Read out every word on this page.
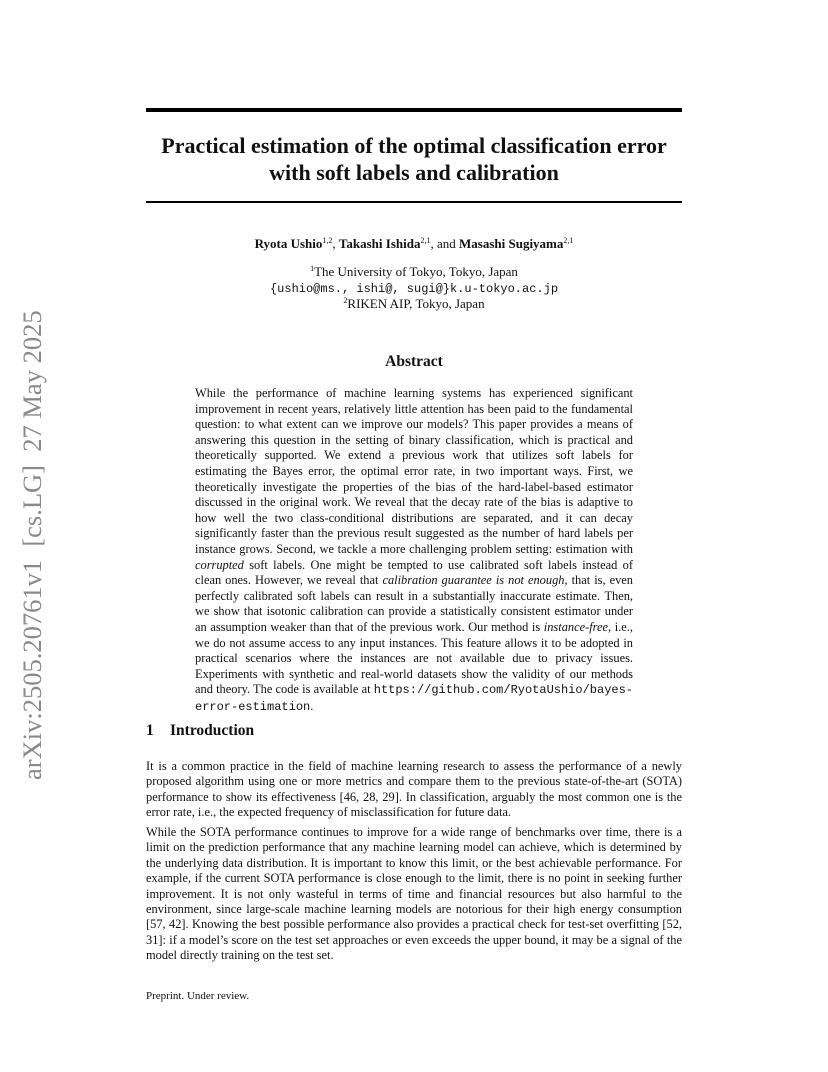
arXiv:2505.20761v1  [cs.LG]  27 May 2025
Practical estimation of the optimal classification error
with soft labels and calibration
Ryota Ushio$^{1,2}$, Takashi Ishida$^{2,1}$, and Masashi Sugiyama$^{2,1}$
$^1$The University of Tokyo, Tokyo, Japan
{ushio@ms., ishi@, sugi@}k.u-tokyo.ac.jp
$^2$RIKEN AIP, Tokyo, Japan
Abstract

While the performance of machine learning systems has experienced significant improvement in recent years, relatively little attention has been paid to the fundamental question: to what extent can we improve our models? This paper provides a means of answering this question in the setting of binary classification, which is practical and theoretically supported. We extend a previous work that utilizes soft labels for estimating the Bayes error, the optimal error rate, in two important ways. First, we theoretically investigate the properties of the bias of the hard-label-based estimator discussed in the original work. We reveal that the decay rate of the bias is adaptive to how well the two class-conditional distributions are separated, and it can decay significantly faster than the previous result suggested as the number of hard labels per instance grows. Second, we tackle a more challenging problem setting: estimation with corrupted soft labels. One might be tempted to use calibrated soft labels instead of clean ones. However, we reveal that calibration guarantee is not enough, that is, even perfectly calibrated soft labels can result in a substantially inaccurate estimate. Then, we show that isotonic calibration can provide a statistically consistent estimator under an assumption weaker than that of the previous work. Our method is instance-free, i.e., we do not assume access to any input instances. This feature allows it to be adopted in practical scenarios where the instances are not available due to privacy issues. Experiments with synthetic and real-world datasets show the validity of our methods and theory. The code is available at https://github.com/RyotaUshio/bayes-error-estimation.

1 Introduction

It is a common practice in the field of machine learning research to assess the performance of a newly proposed algorithm using one or more metrics and compare them to the previous state-of-the-art (SOTA) performance to show its effectiveness [46, 28, 29]. In classification, arguably the most common one is the error rate, i.e., the expected frequency of misclassification for future data.

While the SOTA performance continues to improve for a wide range of benchmarks over time, there is a limit on the prediction performance that any machine learning model can achieve, which is determined by the underlying data distribution. It is important to know this limit, or the best achievable performance. For example, if the current SOTA performance is close enough to the limit, there is no point in seeking further improvement. It is not only wasteful in terms of time and financial resources but also harmful to the environment, since large-scale machine learning models are notorious for their high energy consumption [57, 42]. Knowing the best possible performance also provides a practical check for test-set overfitting [52, 31]: if a model’s score on the test set approaches or even exceeds the upper bound, it may be a signal of the model directly training on the test set.

Preprint. Under review.
